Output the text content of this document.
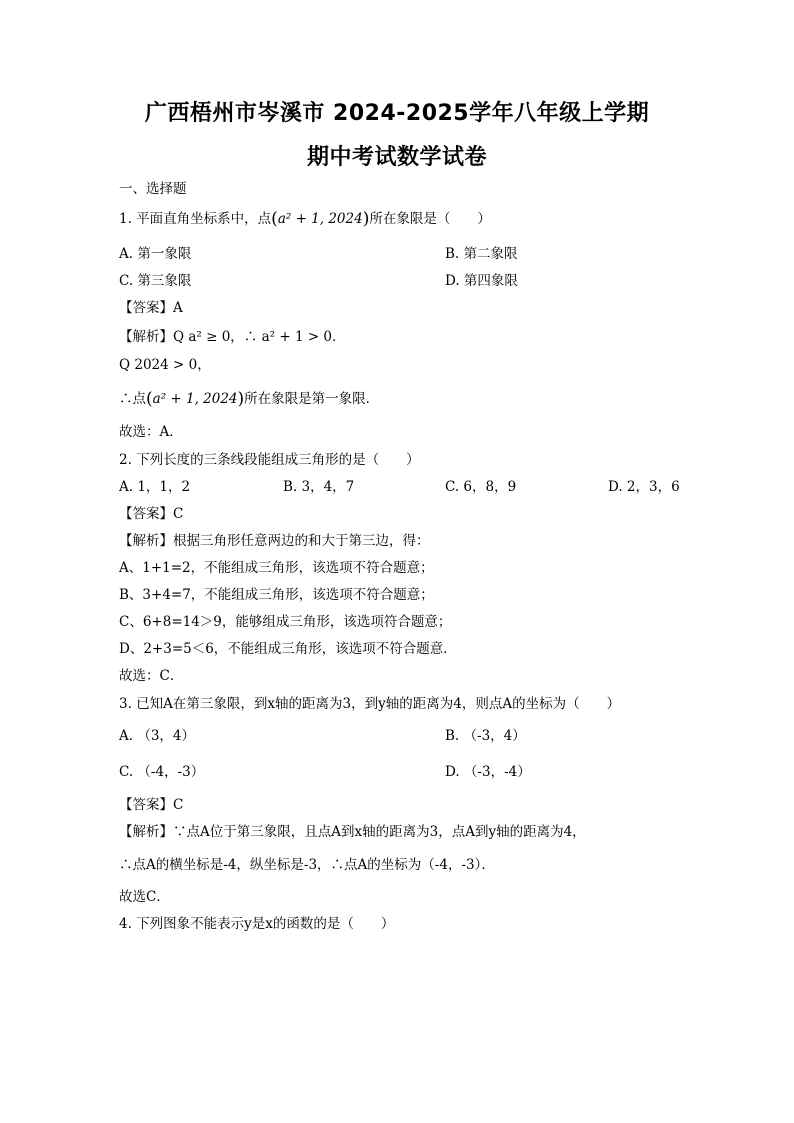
广西梧州市岑溪市 2024-2025学年八年级上学期
期中考试数学试卷
一、选择题
1. 平面直角坐标系中，点(a² + 1, 2024)所在象限是（　　）
A. 第一象限	B. 第二象限
C. 第三象限	D. 第四象限
【答案】A
【解析】Q a² ≥ 0，∴ a² + 1 > 0．
Q 2024 > 0，
∴点(a² + 1, 2024)所在象限是第一象限．
故选：A．
2. 下列长度的三条线段能组成三角形的是（　　）
A. 1，1，2	B. 3，4，7	C. 6，8，9	D. 2，3，6
【答案】C
【解析】根据三角形任意两边的和大于第三边，得：
A、1+1=2，不能组成三角形，该选项不符合题意；
B、3+4=7，不能组成三角形，该选项不符合题意；
C、6+8=14＞9，能够组成三角形，该选项符合题意；
D、2+3=5＜6，不能组成三角形，该选项不符合题意．
故选：C．
3. 已知A在第三象限，到x轴的距离为3，到y轴的距离为4，则点A的坐标为（　　）
A. （3，4）	B. （-3，4）
C. （-4，-3）	D. （-3，-4）
【答案】C
【解析】∵点A位于第三象限，且点A到x轴的距离为3，点A到y轴的距离为4，
∴点A的横坐标是-4，纵坐标是-3，∴点A的坐标为（-4，-3）．
故选C．
4. 下列图象不能表示y是x的函数的是（　　）
